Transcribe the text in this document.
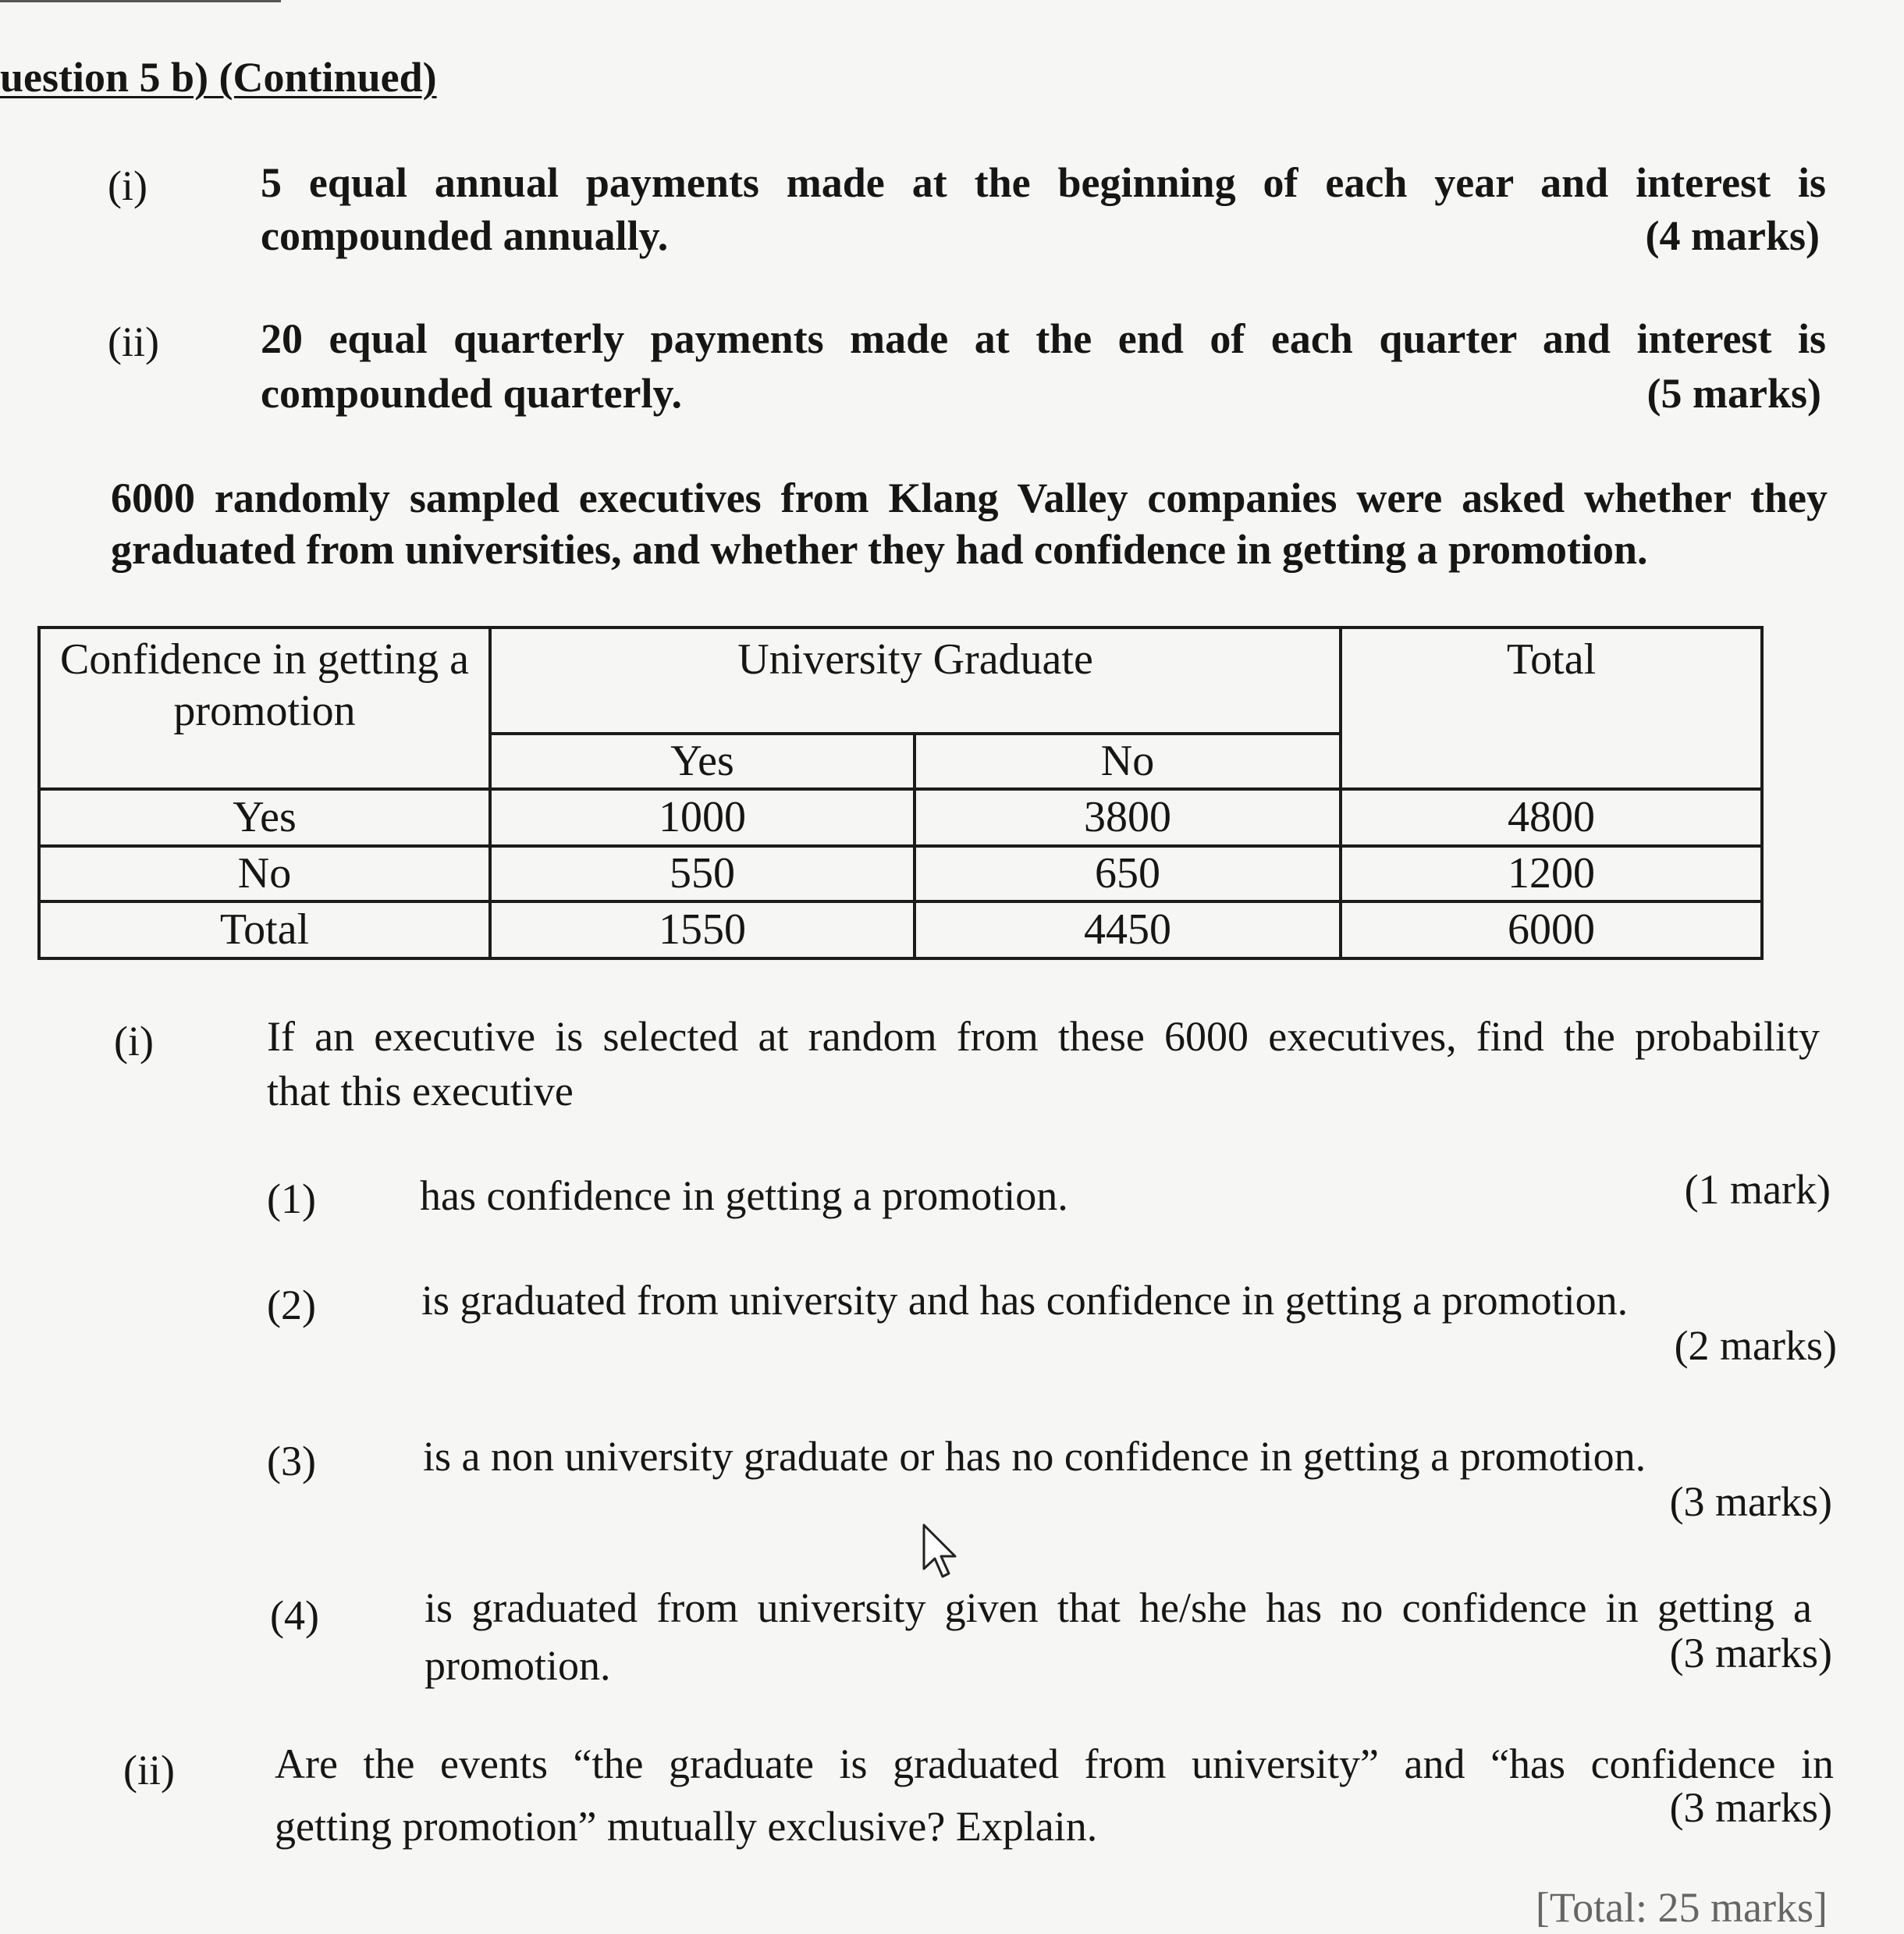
uestion 5 b) (Continued)
(i)	5 equal annual payments made at the beginning of each year and interest is
compounded annually.	(4 marks)
(ii) 20 equal quarterly payments made at the end of each quarter and interest is
compounded quarterly.	(5 marks)
6000 randomly sampled executives from Klang Valley companies were asked whether they
graduated from universities, and whether they had confidence in getting a promotion.
Confidence in getting a promotion	University Graduate		Total
	Yes	No	
Yes	1000	3800	4800
No	550	650	1200
Total	1550	4450	6000
(i)	If an executive is selected at random from these 6000 executives, find the probability
that this executive
(1) has confidence in getting a promotion.	(1 mark)
(2)	is graduated from university and has confidence in getting a promotion.
(2 marks)
(3)	is a non university graduate or has no confidence in getting a promotion.
(3 marks)
(4)	is graduated from university given that he/she has no confidence in getting a
promotion.	(3 marks)
(ii) Are the events “the graduate is graduated from university” and “has confidence in
getting promotion” mutually exclusive? Explain.	(3 marks)
[Total: 25 marks]
